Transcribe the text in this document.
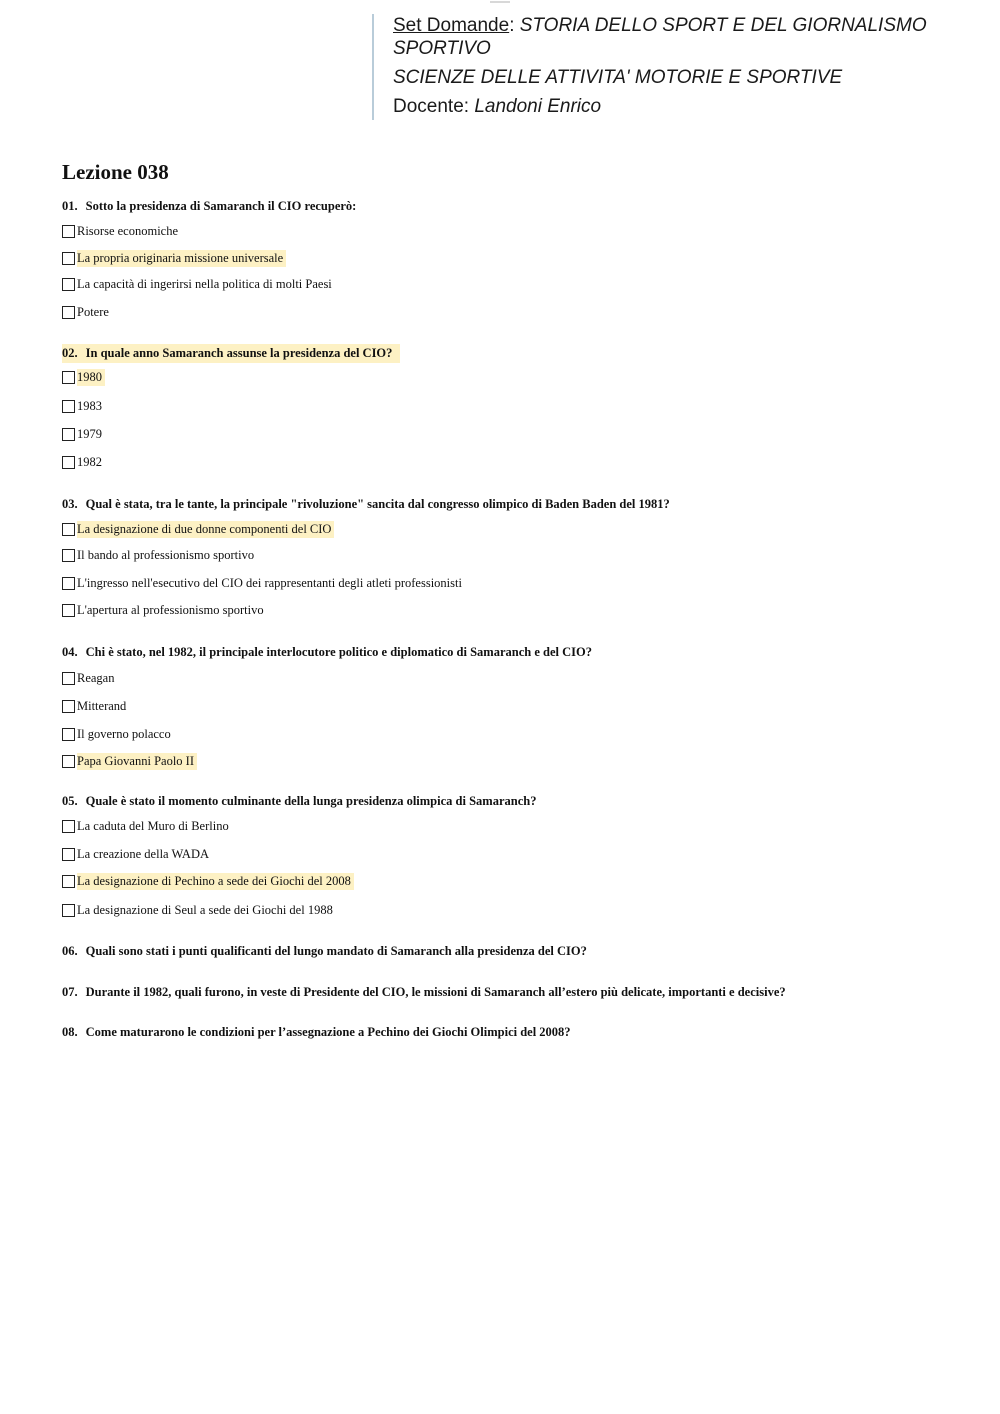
Set Domande: STORIA DELLO SPORT E DEL GIORNALISMO

SPORTIVO

SCIENZE DELLE ATTIVITA' MOTORIE E SPORTIVE

Docente: Landoni Enrico

Lezione 038
01. Sotto la presidenza di Samaranch il CIO recuperò:
Risorse economiche
La propria originaria missione universale
La capacità di ingerirsi nella politica di molti Paesi
Potere
02. In quale anno Samaranch assunse la presidenza del CIO?
1980
1983
1979
1982
03. Qual è stata, tra le tante, la principale "rivoluzione" sancita dal congresso olimpico di Baden Baden del 1981?
La designazione di due donne componenti del CIO
Il bando al professionismo sportivo
L'ingresso nell'esecutivo del CIO dei rappresentanti degli atleti professionisti
L'apertura al professionismo sportivo
04. Chi è stato, nel 1982, il principale interlocutore politico e diplomatico di Samaranch e del CIO?
Reagan
Mitterand
Il governo polacco
Papa Giovanni Paolo II
05. Quale è stato il momento culminante della lunga presidenza olimpica di Samaranch?
La caduta del Muro di Berlino
La creazione della WADA
La designazione di Pechino a sede dei Giochi del 2008
La designazione di Seul a sede dei Giochi del 1988
06. Quali sono stati i punti qualificanti del lungo mandato di Samaranch alla presidenza del CIO?
07. Durante il 1982, quali furono, in veste di Presidente del CIO, le missioni di Samaranch all’estero più delicate, importanti e decisive?
08. Come maturarono le condizioni per l’assegnazione a Pechino dei Giochi Olimpici del 2008?
